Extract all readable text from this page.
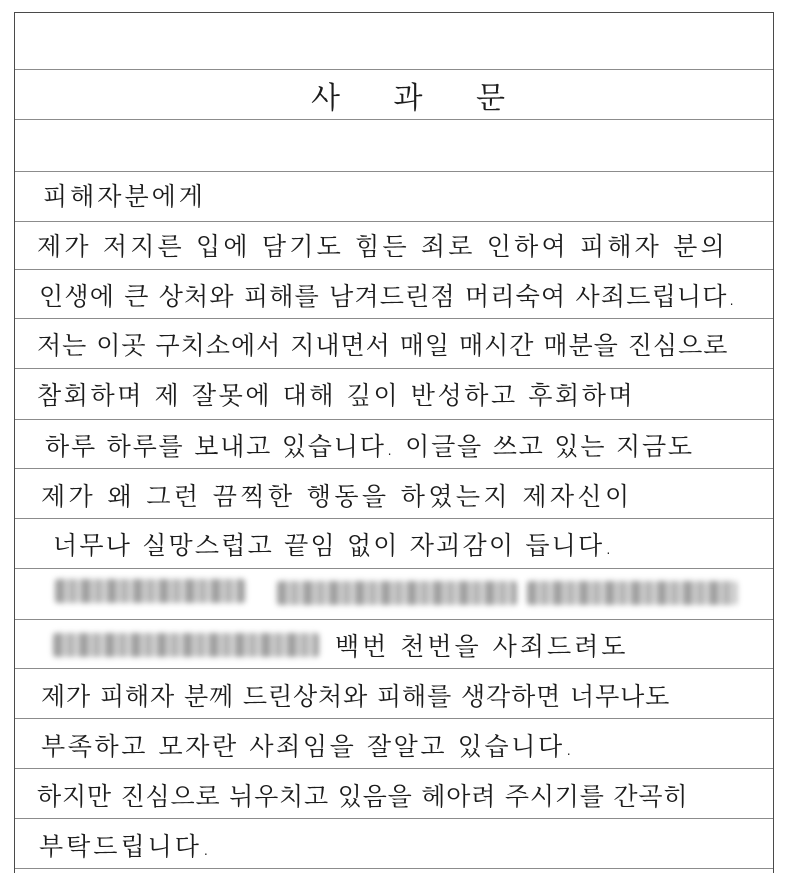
사 과 문
피해자분에게
제가 저지른 입에 담기도 힘든 죄로 인하여 피해자 분의
인생에 큰 상처와 피해를 남겨드린점 머리숙여 사죄드립니다.
저는 이곳 구치소에서 지내면서 매일 매시간 매분을 진심으로
참회하며 제 잘못에 대해 깊이 반성하고 후회하며
하루 하루를 보내고 있습니다. 이글을 쓰고 있는 지금도
제가 왜 그런 끔찍한 행동을 하였는지 제자신이
너무나 실망스럽고 끝임 없이 자괴감이 듭니다.
백번 천번을 사죄드려도
제가 피해자 분께 드린상처와 피해를 생각하면 너무나도
부족하고 모자란 사죄임을 잘알고 있습니다.
하지만 진심으로 뉘우치고 있음을 헤아려 주시기를 간곡히
부탁드립니다.
